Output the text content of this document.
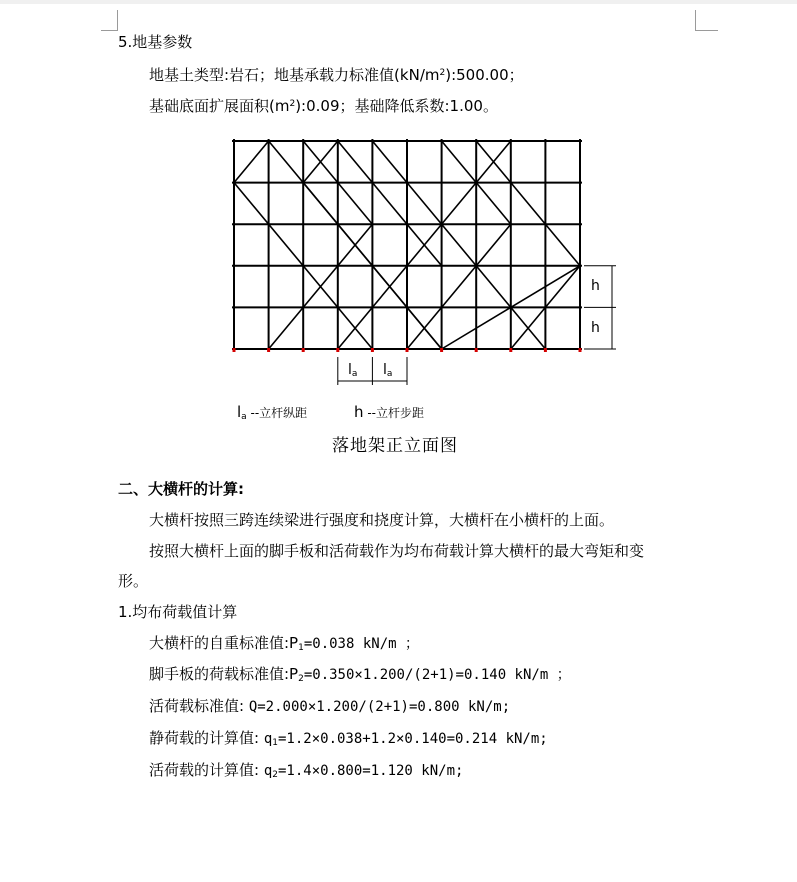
5.地基参数
地基土类型:岩石；地基承载力标准值$(kN/m^2):500.00$；
基础底面扩展面积$(m^2):0.09$；基础降低系数:1.00。
$l_a$ $l_a$
h
h
$l_a$ --立杆纵距	h --立杆步距
落地架正立面图
二、大横杆的计算:
大横杆按照三跨连续梁进行强度和挠度计算，大横杆在小横杆的上面。
按照大横杆上面的脚手板和活荷载作为均布荷载计算大横杆的最大弯矩和变
形。
1.均布荷载值计算
大横杆的自重标准值$:P_1=0.038$ kN/m ；
脚手板的荷载标准值$:P_2=0.350\times 1.200/(2+1)=0.140$ kN/m ；
活荷载标准值: Q=2.000×1.200/(2+1)=0.800 kN/m;
静荷载的计算值: $q_1=1.2\times 0.038+1.2\times 0.140=0.214$ kN/m;
活荷载的计算值: $q_2=1.4\times 0.800=1.120$ kN/m;
